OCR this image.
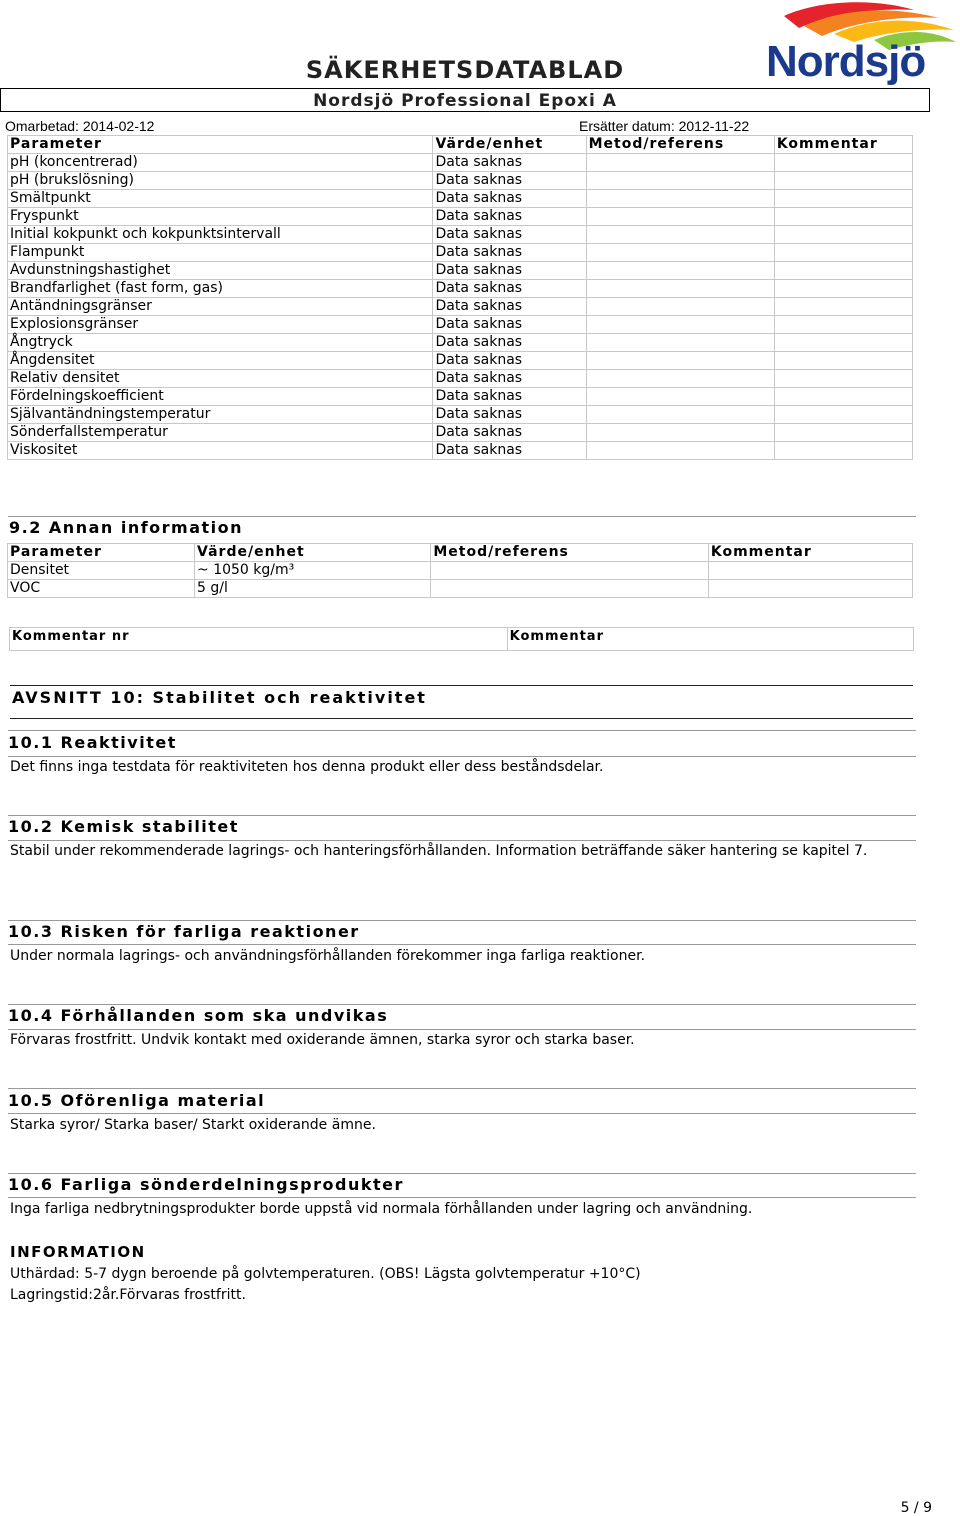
SÄKERHETSDATABLAD
Nordsjö Professional Epoxi A
Nordsjö
Omarbetad: 2014-02-12	Ersätter datum: 2012-11-22
Parameter	Värde/enhet	Metod/referens	Kommentar
pH (koncentrerad)	Data saknas		
pH (brukslösning)	Data saknas		
Smältpunkt	Data saknas		
Fryspunkt	Data saknas		
Initial kokpunkt och kokpunktsintervall	Data saknas		
Flampunkt	Data saknas		
Avdunstningshastighet	Data saknas		
Brandfarlighet (fast form, gas)	Data saknas		
Antändningsgränser	Data saknas		
Explosionsgränser	Data saknas		
Ångtryck	Data saknas		
Ångdensitet	Data saknas		
Relativ densitet	Data saknas		
Fördelningskoefficient	Data saknas		
Självantändningstemperatur	Data saknas		
Sönderfallstemperatur	Data saknas		
Viskositet	Data saknas		
9.2 Annan information
Parameter	Värde/enhet	Metod/referens	Kommentar
Densitet	~ 1050 kg/m³		
VOC	5 g/l		
Kommentar nr	Kommentar
AVSNITT 10: Stabilitet och reaktivitet
10.1 Reaktivitet
Det finns inga testdata för reaktiviteten hos denna produkt eller dess beståndsdelar.
10.2 Kemisk stabilitet
Stabil under rekommenderade lagrings- och hanteringsförhållanden. Information beträffande säker hantering se kapitel 7.
10.3 Risken för farliga reaktioner
Under normala lagrings- och användningsförhållanden förekommer inga farliga reaktioner.
10.4 Förhållanden som ska undvikas
Förvaras frostfritt. Undvik kontakt med oxiderande ämnen, starka syror och starka baser.
10.5 Oförenliga material
Starka syror/ Starka baser/ Starkt oxiderande ämne.
10.6 Farliga sönderdelningsprodukter
Inga farliga nedbrytningsprodukter borde uppstå vid normala förhållanden under lagring och användning.
INFORMATION
Uthärdad: 5-7 dygn beroende på golvtemperaturen. (OBS! Lägsta golvtemperatur +10°C)
Lagringstid:2år.Förvaras frostfritt.
5 / 9
